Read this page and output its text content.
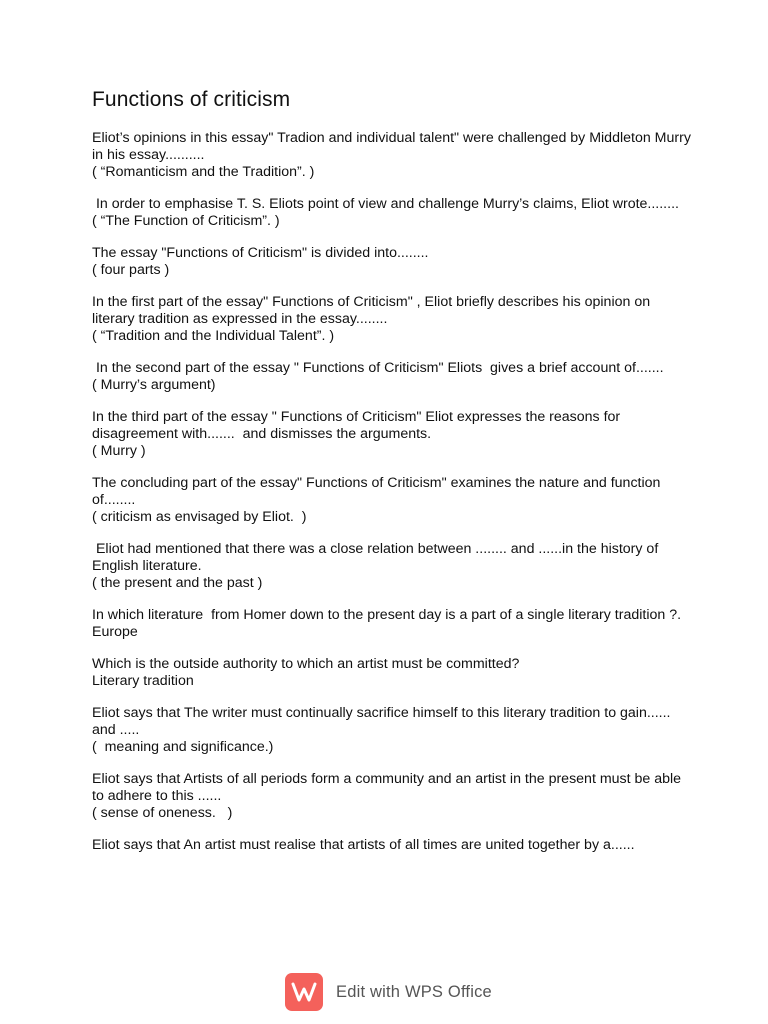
Functions of criticism

Eliot’s opinions in this essay" Tradion and individual talent" were challenged by Middleton Murry in his essay..........

( “Romanticism and the Tradition”. )

In order to emphasise T. S. Eliots point of view and challenge Murry’s claims, Eliot wrote........

( “The Function of Criticism”. )

The essay "Functions of Criticism" is divided into........

( four parts )

In the first part of the essay" Functions of Criticism" , Eliot briefly describes his opinion on literary tradition as expressed in the essay........

( “Tradition and the Individual Talent”. )

In the second part of the essay " Functions of Criticism" Eliots  gives a brief account of.......

( Murry’s argument)

In the third part of the essay " Functions of Criticism" Eliot expresses the reasons for disagreement with.......  and dismisses the arguments.

( Murry )

The concluding part of the essay" Functions of Criticism" examines the nature and function of........

( criticism as envisaged by Eliot.  )

Eliot had mentioned that there was a close relation between ........ and ......in the history of English literature.

( the present and the past )

In which literature  from Homer down to the present day is a part of a single literary tradition ?.

Europe

Which is the outside authority to which an artist must be committed?

Literary tradition

Eliot says that The writer must continually sacrifice himself to this literary tradition to gain...... and .....

(  meaning and significance.)

Eliot says that Artists of all periods form a community and an artist in the present must be able to adhere to this ......

( sense of oneness.   )

Eliot says that An artist must realise that artists of all times are united together by a......

Edit with WPS Office
